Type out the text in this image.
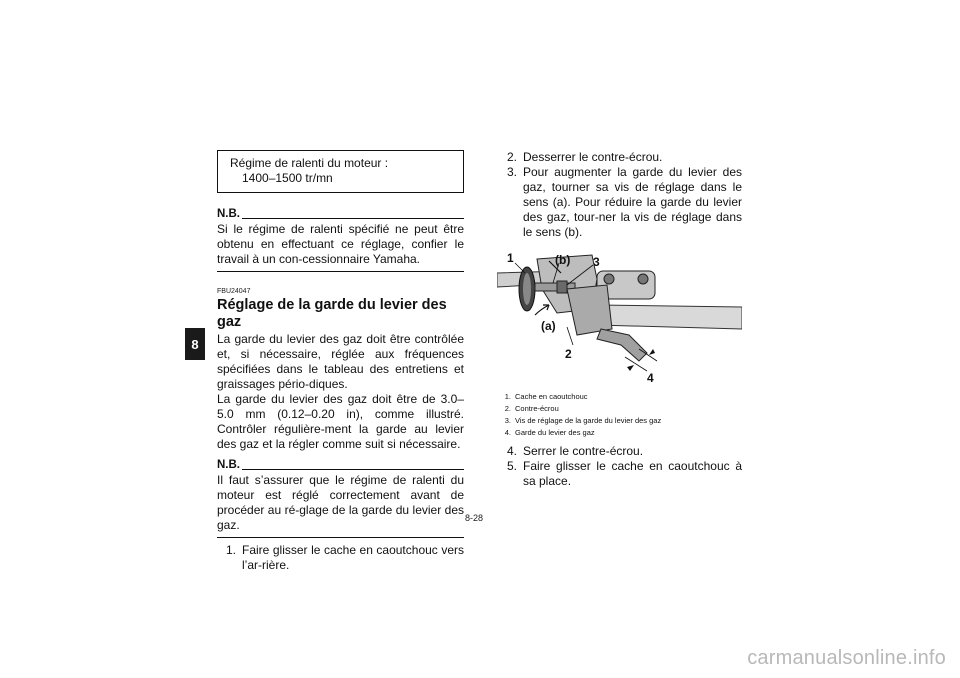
8
Régime de ralenti du moteur :
1400–1500 tr/mn
N.B.
Si le régime de ralenti spécifié ne peut être obtenu en effectuant ce réglage, confier le travail à un con-cessionnaire Yamaha.
FBU24047
Réglage de la garde du levier des gaz
La garde du levier des gaz doit être contrôlée et, si nécessaire, réglée aux fréquences spécifiées dans le tableau des entretiens et graissages pério-diques.
La garde du levier des gaz doit être de 3.0–5.0 mm (0.12–0.20 in), comme illustré. Contrôler régulière-ment la garde au levier des gaz et la régler comme suit si nécessaire.
N.B.
Il faut s’assurer que le régime de ralenti du moteur est réglé correctement avant de procéder au ré-glage de la garde du levier des gaz.
1. Faire glisser le cache en caoutchouc vers l’ar-rière.
2. Desserrer le contre-écrou.
3. Pour augmenter la garde du levier des gaz, tourner sa vis de réglage dans le sens (a). Pour réduire la garde du levier des gaz, tour-ner la vis de réglage dans le sens (b).
1	(b) 3
(a)
2
4
1. Cache en caoutchouc
2. Contre-écrou
3. Vis de réglage de la garde du levier des gaz
4. Garde du levier des gaz
4. Serrer le contre-écrou.
5. Faire glisser le cache en caoutchouc à sa place.
8-28
carmanualsonline.info
